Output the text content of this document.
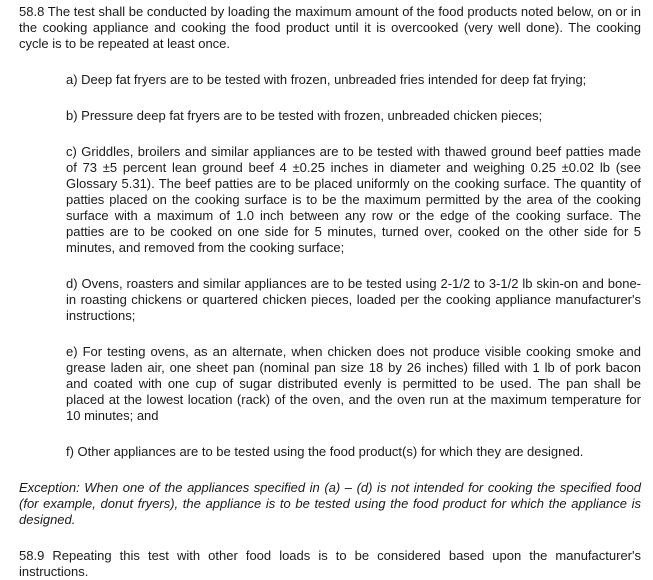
58.8 The test shall be conducted by loading the maximum amount of the food products noted below, on or in the cooking appliance and cooking the food product until it is overcooked (very well done). The cooking cycle is to be repeated at least once.

a) Deep fat fryers are to be tested with frozen, unbreaded fries intended for deep fat frying;

b) Pressure deep fat fryers are to be tested with frozen, unbreaded chicken pieces;

c) Griddles, broilers and similar appliances are to be tested with thawed ground beef patties made of 73 ±5 percent lean ground beef 4 ±0.25 inches in diameter and weighing 0.25 ±0.02 lb (see Glossary 5.31). The beef patties are to be placed uniformly on the cooking surface. The quantity of patties placed on the cooking surface is to be the maximum permitted by the area of the cooking surface with a maximum of 1.0 inch between any row or the edge of the cooking surface. The patties are to be cooked on one side for 5 minutes, turned over, cooked on the other side for 5 minutes, and removed from the cooking surface;

d) Ovens, roasters and similar appliances are to be tested using 2-1/2 to 3-1/2 lb skin-on and bone-in roasting chickens or quartered chicken pieces, loaded per the cooking appliance manufacturer's instructions;

e) For testing ovens, as an alternate, when chicken does not produce visible cooking smoke and grease laden air, one sheet pan (nominal pan size 18 by 26 inches) filled with 1 lb of pork bacon and coated with one cup of sugar distributed evenly is permitted to be used. The pan shall be placed at the lowest location (rack) of the oven, and the oven run at the maximum temperature for 10 minutes; and

f) Other appliances are to be tested using the food product(s) for which they are designed.

Exception: When one of the appliances specified in (a) – (d) is not intended for cooking the specified food (for example, donut fryers), the appliance is to be tested using the food product for which the appliance is designed.

58.9 Repeating this test with other food loads is to be considered based upon the manufacturer's instructions.
